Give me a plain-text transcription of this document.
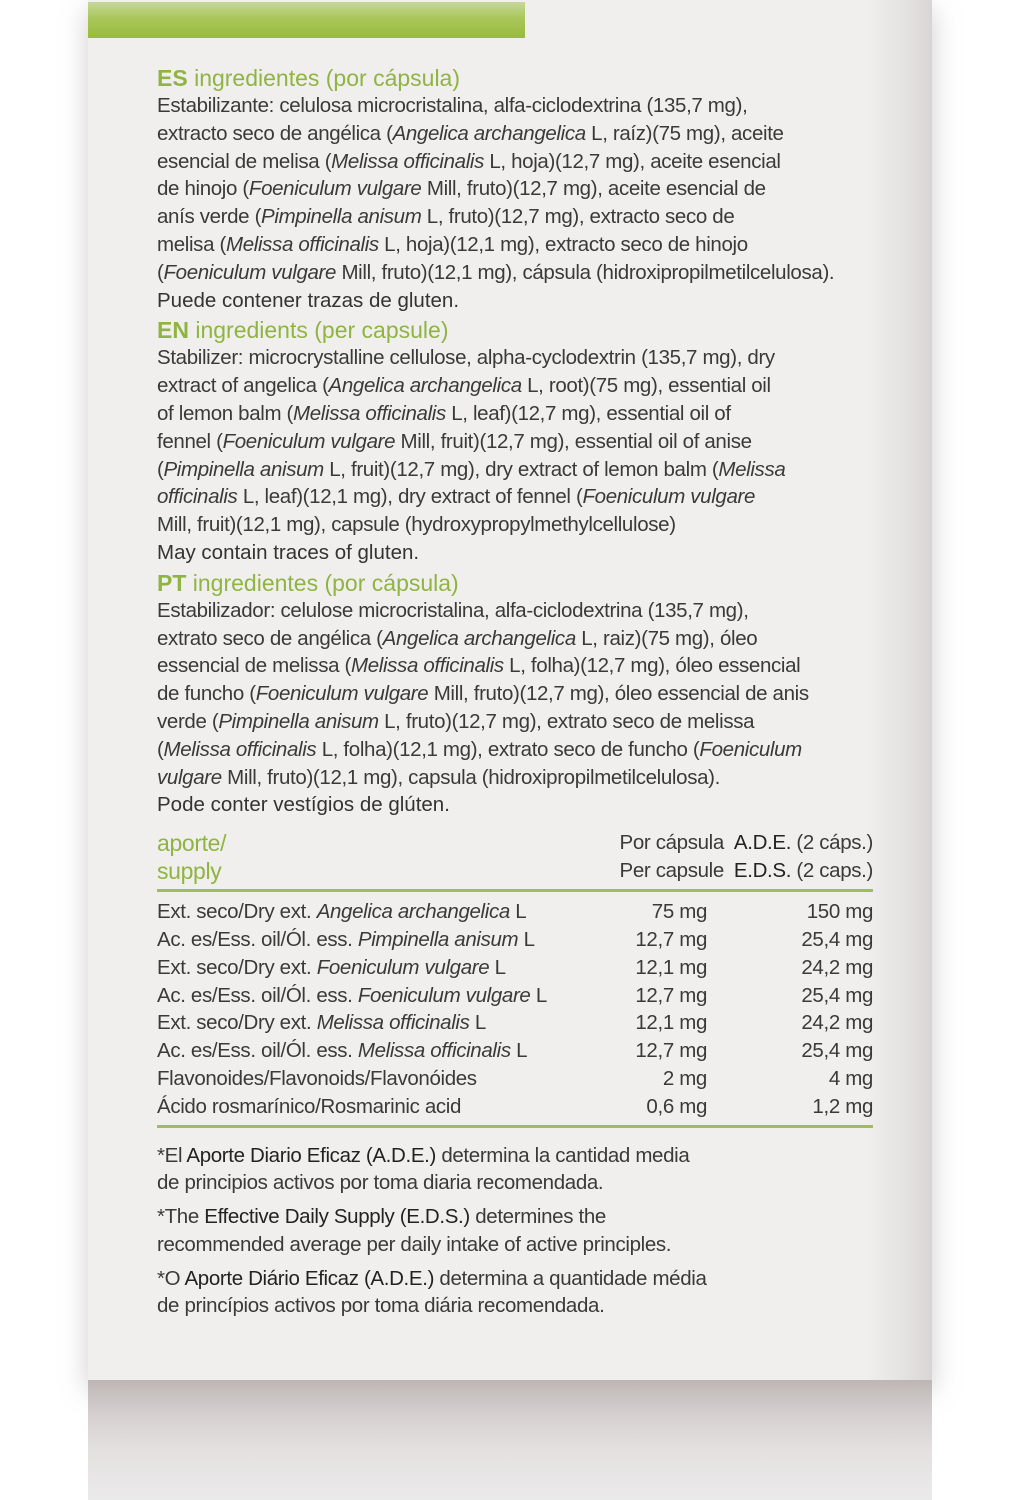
ES ingredientes (por cápsula)
Estabilizante: celulosa microcristalina, alfa-ciclodextrina (135,7 mg),
extracto seco de angélica (Angelica archangelica L, raíz)(75 mg), aceite
esencial de melisa (Melissa officinalis L, hoja)(12,7 mg), aceite esencial
de hinojo (Foeniculum vulgare Mill, fruto)(12,7 mg), aceite esencial de
anís verde (Pimpinella anisum L, fruto)(12,7 mg), extracto seco de
melisa (Melissa officinalis L, hoja)(12,1 mg), extracto seco de hinojo
(Foeniculum vulgare Mill, fruto)(12,1 mg), cápsula (hidroxipropilmetilcelulosa).
Puede contener trazas de gluten.
EN ingredients (per capsule)
Stabilizer: microcrystalline cellulose, alpha-cyclodextrin (135,7 mg), dry
extract of angelica (Angelica archangelica L, root)(75 mg), essential oil
of lemon balm (Melissa officinalis L, leaf)(12,7 mg), essential oil of
fennel (Foeniculum vulgare Mill, fruit)(12,7 mg), essential oil of anise
(Pimpinella anisum L, fruit)(12,7 mg), dry extract of lemon balm (Melissa
officinalis L, leaf)(12,1 mg), dry extract of fennel (Foeniculum vulgare
Mill, fruit)(12,1 mg), capsule (hydroxypropylmethylcellulose)
May contain traces of gluten.
PT ingredientes (por cápsula)
Estabilizador: celulose microcristalina, alfa-ciclodextrina (135,7 mg),
extrato seco de angélica (Angelica archangelica L, raiz)(75 mg), óleo
essencial de melissa (Melissa officinalis L, folha)(12,7 mg), óleo essencial
de funcho (Foeniculum vulgare Mill, fruto)(12,7 mg), óleo essencial de anis
verde (Pimpinella anisum L, fruto)(12,7 mg), extrato seco de melissa
(Melissa officinalis L, folha)(12,1 mg), extrato seco de funcho (Foeniculum
vulgare Mill, fruto)(12,1 mg), capsula (hidroxipropilmetilcelulosa).
Pode conter vestígios de glúten.
aporte/
supply
Por cápsula A.D.E. (2 cáps.)
Per capsule E.D.S. (2 caps.)
Ext. seco/Dry ext. Angelica archangelica L	75 mg	150 mg
Ac. es/Ess. oil/Ól. ess. Pimpinella anisum L	12,7 mg	25,4 mg
Ext. seco/Dry ext. Foeniculum vulgare L	12,1 mg	24,2 mg
Ac. es/Ess. oil/Ól. ess. Foeniculum vulgare L	12,7 mg	25,4 mg
Ext. seco/Dry ext. Melissa officinalis L	12,1 mg	24,2 mg
Ac. es/Ess. oil/Ól. ess. Melissa officinalis L	12,7 mg	25,4 mg
Flavonoides/Flavonoids/Flavonóides	2 mg	4 mg
Ácido rosmarínico/Rosmarinic acid	0,6 mg	1,2 mg
*El Aporte Diario Eficaz (A.D.E.) determina la cantidad media
de principios activos por toma diaria recomendada.
*The Effective Daily Supply (E.D.S.) determines the
recommended average per daily intake of active principles.
*O Aporte Diário Eficaz (A.D.E.) determina a quantidade média
de princípios activos por toma diária recomendada.
